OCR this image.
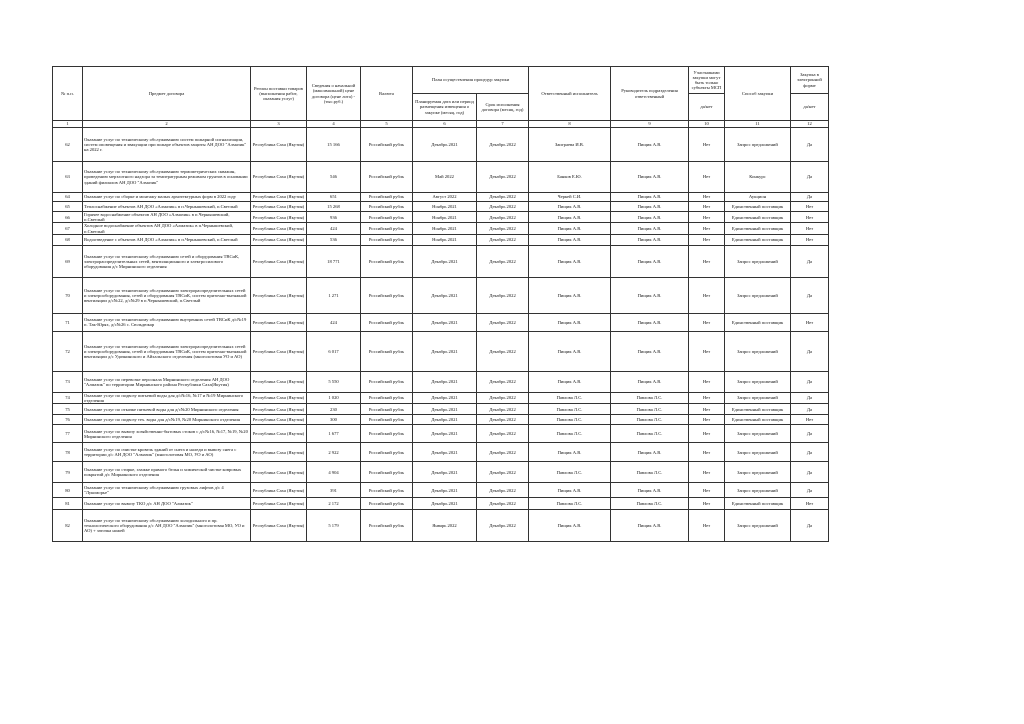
№ п.п.	Предмет договора	Регион поставки товаров (выполнения работ, оказания услуг)	Сведения о начальной (максимальной) цене договора (цене лота) - (тыс.руб.)	Валюта	План осуществления процедур закупки		Ответственный исполнитель	Руководитель подразделения ответственный	Участниками закупки могут быть только субъекты МСП	Способ закупки	Закупка в электронной форме
					Планируемая дата или период размещения извещения о закупке (месяц, год)	Срок исполнения договора (месяц, год)			да/нет		да/нет
1	2	3	4	5	6	7	8	9	10	11	12
62	Оказание услуг по техническому обслуживанию систем пожарной сигнализации, систем оповещения и эвакуации при пожаре объектов защиты АН ДОО "Алмазик" на 2022 г.	Республика Саха (Якутия)	15 166	Российский рубль	Декабрь 2021	Декабрь 2022	Заиграева И.В.	Пищик А.В.	Нет	Запрос предложений	Да
63	Оказание услуг по техническому обслуживанию термометрических скважин, проведению мерзлотного надзора за температурным режимом грунтов в основании зданий филиалов АН ДОО "Алмазик"	Республика Саха (Якутия)	546	Российский рубль	Май 2022	Декабрь 2022	Банков Е.Ю.	Пищик А.В.	Нет	Конкурс	Да
64	Оказание услуг по сборке и монтажу малых архитектурных форм в 2022 году	Республика Саха (Якутия)	651	Российский рубль	Август 2022	Декабрь 2022	Черкей С.И.	Пищик А.В.	Нет	Аукцион	Да
65	Теплоснабжение объектов АН ДОО «Алмазик» в п.Чернышевский, п.Светлый	Республика Саха (Якутия)	15 268	Российский рубль	Ноябрь 2021	Декабрь 2022	Пищик А.В.	Пищик А.В.	Нет	Единственный поставщик	Нет
66	Горячее водоснабжение объектов АН ДОО «Алмазик» в п.Чернышевский, п.Светлый	Республика Саха (Якутия)	936	Российский рубль	Ноябрь 2021	Декабрь 2022	Пищик А.В.	Пищик А.В.	Нет	Единственный поставщик	Нет
67	Холодное водоснабжение объектов АН ДОО «Алмазик» в п.Чернышевский, п.Светлый	Республика Саха (Якутия)	424	Российский рубль	Ноябрь 2021	Декабрь 2022	Пищик А.В.	Пищик А.В.	Нет	Единственный поставщик	Нет
68	Водоотведение с объектов АН ДОО «Алмазик» в п.Чернышевский, п.Светлый	Республика Саха (Якутия)	536	Российский рубль	Ноябрь 2021	Декабрь 2022	Пищик А.В.	Пищик А.В.	Нет	Единственный поставщик	Нет
69	Оказание услуг по техническому обслуживанию сетей и оборудования ТВСиК, электрораспределительных сетей, вентиляционного и электросилового оборудования д/с Мирнинского отделения	Республика Саха (Якутия)	18 771	Российский рубль	Декабрь 2021	Декабрь 2022	Пищик А.В.	Пищик А.В.	Нет	Запрос предложений	Да
70	Оказание услуг по техническому обслуживанию электрораспределительных сетей и электрооборудования, сетей и оборудования ТВСиК, систем приточно-вытяжной вентиляции д/с№22, д/с№29 в п.Чернышевский, п.Светлый	Республика Саха (Якутия)	1 271	Российский рубль	Декабрь 2021	Декабрь 2022	Пищик А.В.	Пищик А.В.	Нет	Запрос предложений	Да
71	Оказание услуг по техническому обслуживанию внутренних сетей ТВСиК д/с№19 п. Так-Юрях, д/с№26 с. Сюльдюкар	Республика Саха (Якутия)	424	Российский рубль	Декабрь 2021	Декабрь 2022	Пищик А.В.	Пищик А.В.	Нет	Единственный поставщик	Нет
72	Оказание услуг по техническому обслуживанию электрораспределительных сетей и электрооборудования, сетей и оборудования ТВСиК, систем приточно-вытяжной вентиляции д/с Удачнинского и Айхальского отделения (многолотовая УО и АО)	Республика Саха (Якутия)	6 017	Российский рубль	Декабрь 2021	Декабрь 2022	Пищик А.В.	Пищик А.В.	Нет	Запрос предложений	Да
73	Оказание услуг по перевозке персонала Мирнинского отделения АН ДОО "Алмазик" по территории Мирнинского района Республики Саха(Якутия)	Республика Саха (Якутия)	5 550	Российский рубль	Декабрь 2021	Декабрь 2022	Пищик А.В.	Пищик А.В.	Нет	Запрос предложений	Да
74	Оказание услуг по подвозу питьевой воды для д/с№16, №17 и №19 Мирнинского отделения	Республика Саха (Якутия)	1 020	Российский рубль	Декабрь 2021	Декабрь 2022	Павлова Л.С.	Павлова Л.С.	Нет	Запрос предложений	Да
75	Оказание услуг по откачке питьевой воды для д/с№20 Мирнинского отделения	Республика Саха (Якутия)	230	Российский рубль	Декабрь 2021	Декабрь 2022	Павлова Л.С.	Павлова Л.С.	Нет	Единственный поставщик	Да
76	Оказание услуг по подвозу тех. воды для д/с№19, №20 Мирнинского отделения	Республика Саха (Якутия)	300	Российский рубль	Декабрь 2021	Декабрь 2022	Павлова Л.С.	Павлова Л.С.	Нет	Единственный поставщик	Нет
77	Оказание услуг по вывозу хозяйственно-бытовых стоков с д/с№16, №17, №19, №20 Мирнинского отделения	Республика Саха (Якутия)	1 677	Российский рубль	Декабрь 2021	Декабрь 2022	Павлова Л.С.	Павлова Л.С.	Нет	Запрос предложений	Да
78	Оказание услуг по очистке кровель зданий от снега и наледи и вывозу снега с территории д/с АН ДОО "Алмазик" (многолотовая МО, УО и АО)	Республика Саха (Якутия)	2 922	Российский рубль	Декабрь 2021	Декабрь 2022	Пищик А.В.	Пищик А.В.	Нет	Запрос предложений	Да
79	Оказание услуг по стирке, глажке прямого белья и химической чистке ковровых покрытий д/с Мирнинского отделения	Республика Саха (Якутия)	4 904	Российский рубль	Декабрь 2021	Декабрь 2022	Павлова Л.С.	Павлова Л.С.	Нет	Запрос предложений	Да
80	Оказание услуг по техническому обслуживанию грузовых лифтов д/с 4 "Лукоморье"	Республика Саха (Якутия)	391	Российский рубль	Декабрь 2021	Декабрь 2022	Пищик А.В.	Пищик А.В.	Нет	Запрос предложений	Да
81	Оказание услуг по вывозу ТКО д/с АН ДОО "Алмазик"	Республика Саха (Якутия)	2 172	Российский рубль	Декабрь 2021	Декабрь 2022	Павлова Л.С.	Павлова Л.С.	Нет	Единственный поставщик	Нет
82	Оказание услуг по техническому обслуживанию холодильного и пр. технологического оборудования д/с АН ДОО "Алмазик" (многолотовая МО, УО и АО) + заточка ножей	Республика Саха (Якутия)	5 179	Российский рубль	Январь 2022	Декабрь 2022	Пищик А.В.	Пищик А.В.	Нет	Запрос предложений	Да
